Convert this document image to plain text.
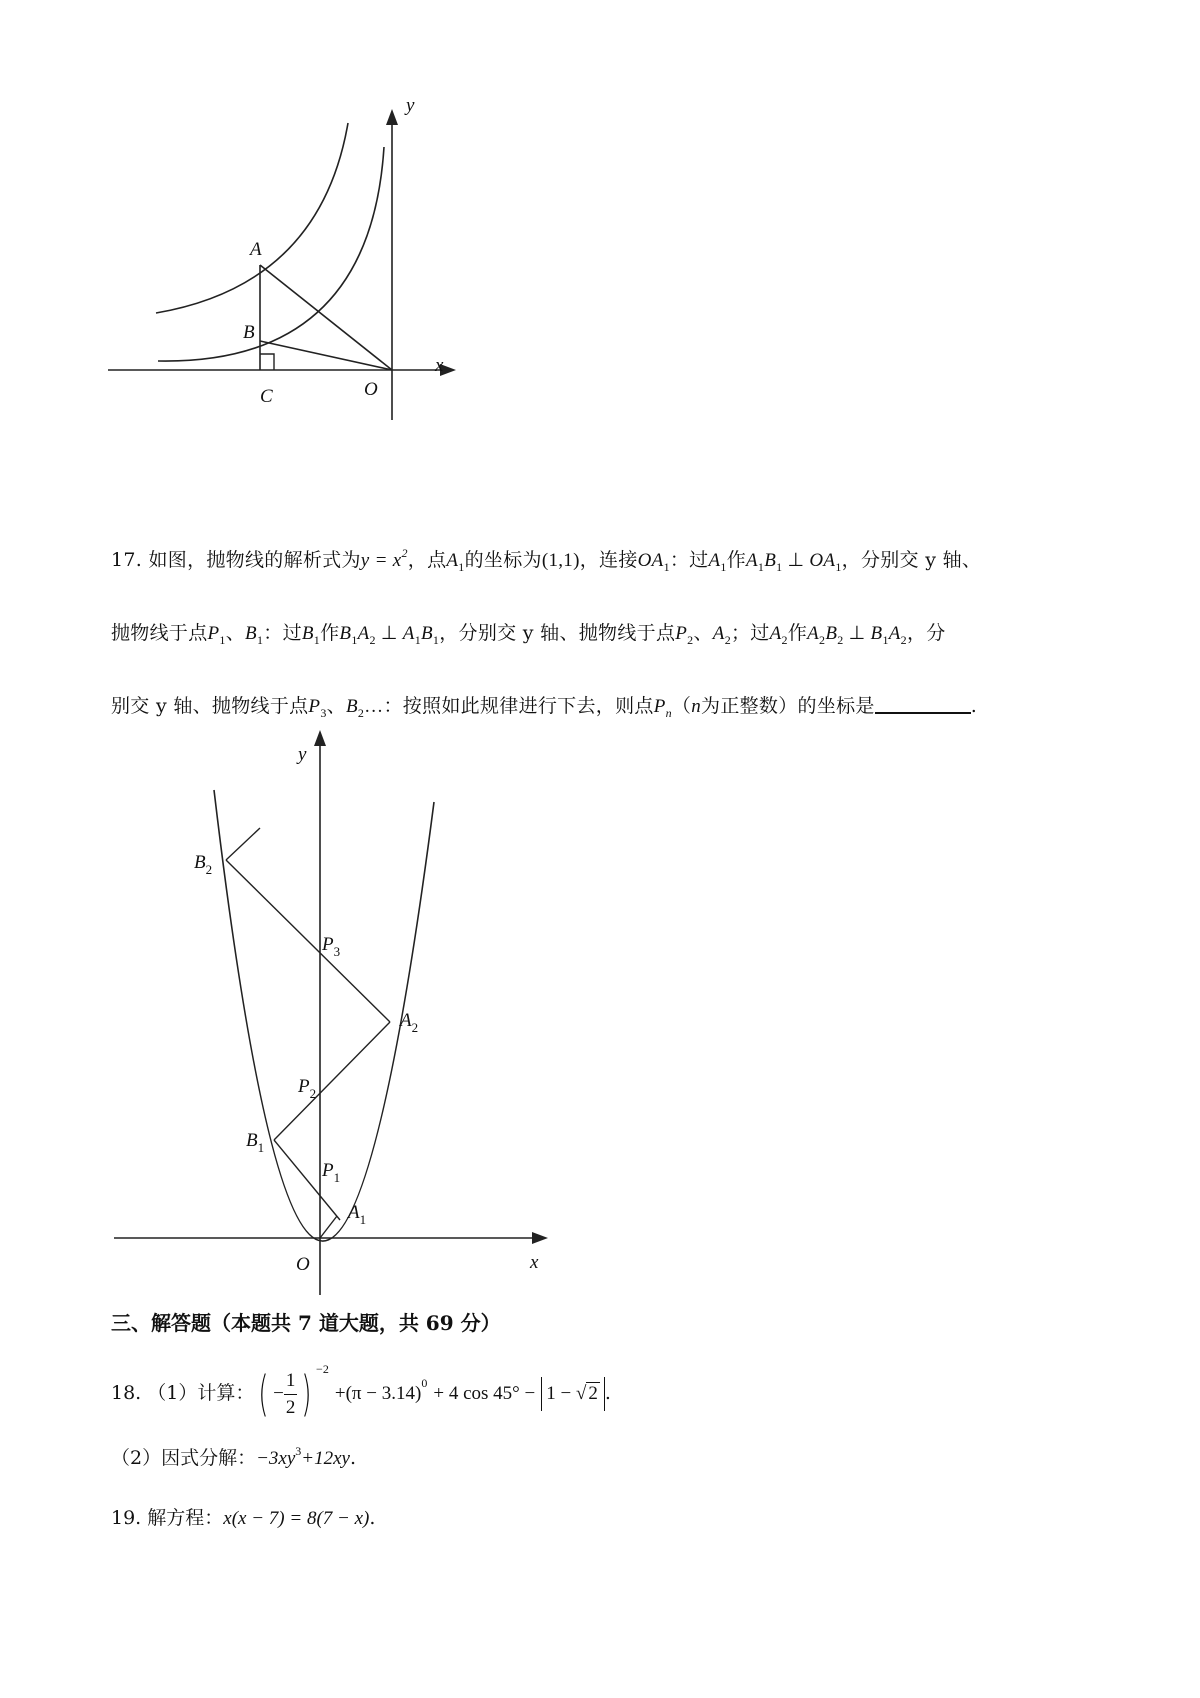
y
x
A
B
C	O
17. 如图，抛物线的解析式为$y = x^2$，点$A_1$的坐标为(1,1)，连接$OA_1$：过$A_1$作$A_1B_1$ ⊥ $OA_1$，分别交 y 轴、
抛物线于点$P_1$、$B_1$：过$B_1$作$B_1A_2$ ⊥ $A_1B_1$，分别交 y 轴、抛物线于点$P_2$、$A_2$；过$A_2$作$A_2B_2$ ⊥ $B_1A_2$，分
别交 y 轴、抛物线于点$P_3$、$B_2\dots$：按照如此规律进行下去，则点$P_n(n$为正整数）的坐标是	.
y
x
O
$B_2$
$P_3$
$A_2$
$P_2$
$B_1$
$P_1$
$A_1$
三、解答题（本题共 7 道大题，共 69 分）
18. （1）计算：( − $\frac{1}{2}$ ) $^{-2} +(\pi - 3.14)^0 + 4$ cos 45° − 1 − √ 2 .
（2）因式分解：$-3xy^3+12xy$.
19. 解方程：x(x − 7) = 8(7 − x).
